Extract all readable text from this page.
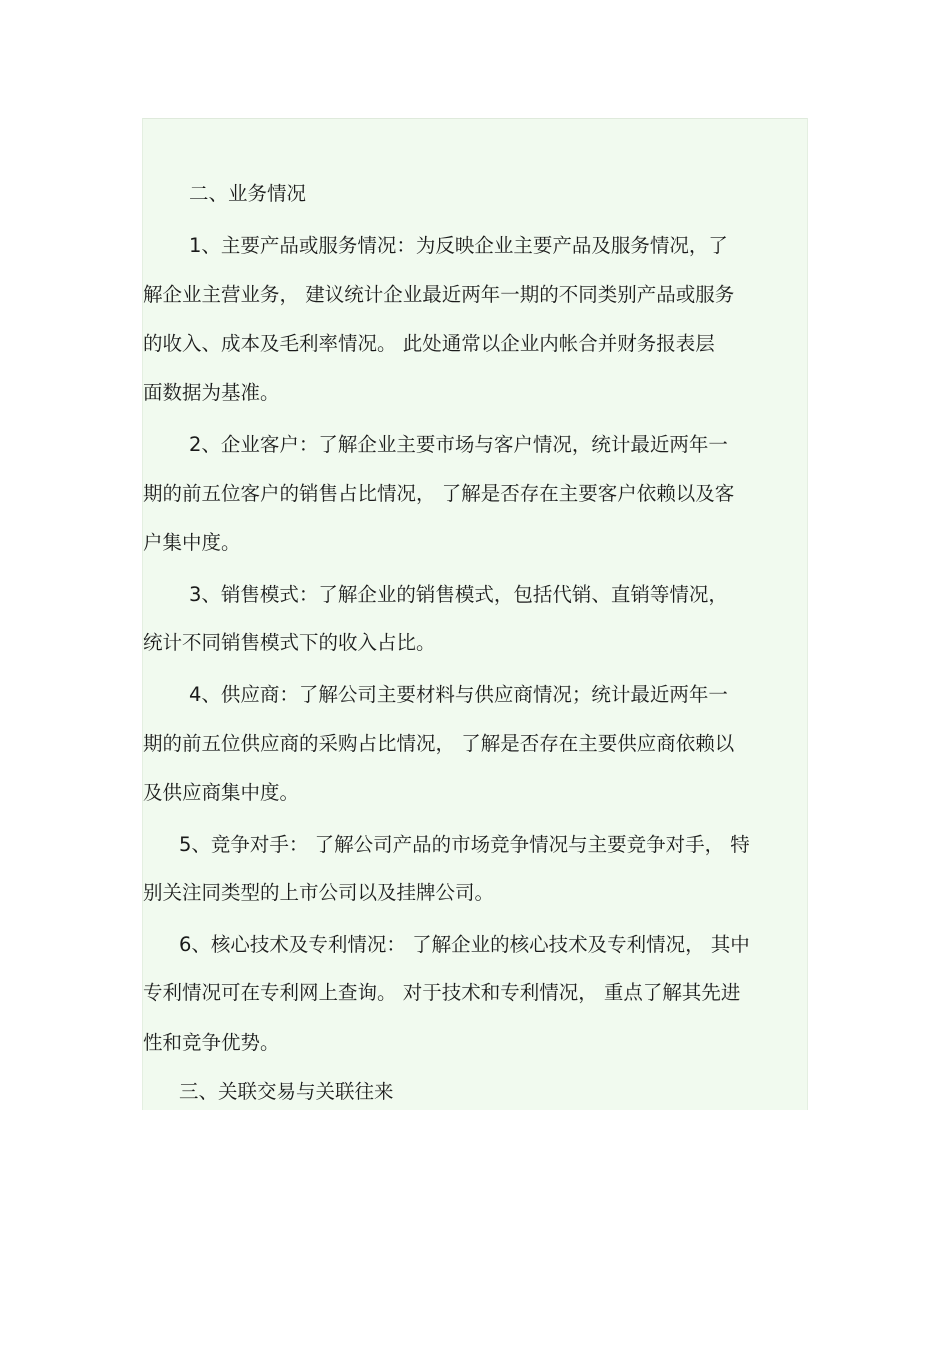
二、业务情况
1、主要产品或服务情况：为反映企业主要产品及服务情况，了
解企业主营业务， 建议统计企业最近两年一期的不同类别产品或服务
的收入、成本及毛利率情况。 此处通常以企业内帐合并财务报表层
面数据为基准。
2、企业客户：了解企业主要市场与客户情况，统计最近两年一
期的前五位客户的销售占比情况， 了解是否存在主要客户依赖以及客
户集中度。
3、销售模式：了解企业的销售模式，包括代销、直销等情况，
统计不同销售模式下的收入占比。
4、供应商：了解公司主要材料与供应商情况；统计最近两年一
期的前五位供应商的采购占比情况， 了解是否存在主要供应商依赖以
及供应商集中度。
5、竞争对手： 了解公司产品的市场竞争情况与主要竞争对手， 特
别关注同类型的上市公司以及挂牌公司。
6、核心技术及专利情况： 了解企业的核心技术及专利情况， 其中
专利情况可在专利网上查询。 对于技术和专利情况， 重点了解其先进
性和竞争优势。
三、关联交易与关联往来
